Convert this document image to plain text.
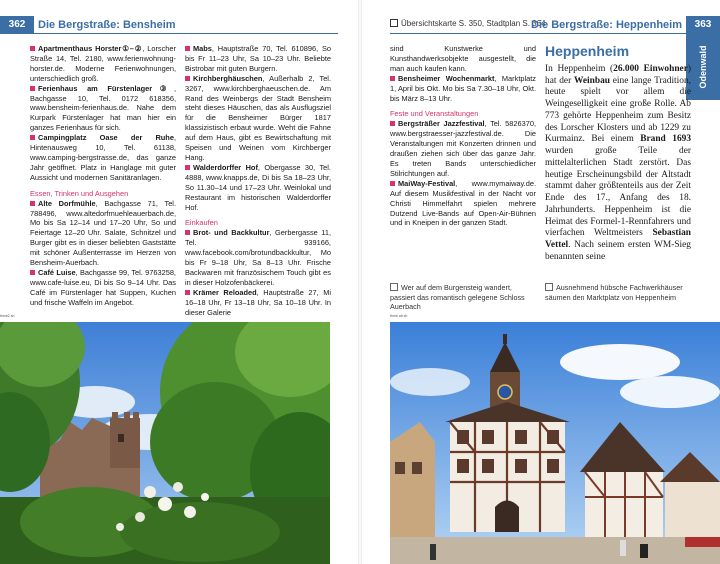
362	Die Bergstraße: Bensheim

Apartmenthaus Horster①–②, Lorscher Straße 14, Tel. 2180, www.ferienwohnung-horster.de. Moderne Ferienwohnungen, unterschiedlich groß.

Ferienhaus am Fürstenlager③, Bachgasse 10, Tel. 0172 618356, www.bensheim-ferienhaus.de. Nahe dem Kurpark Fürstenlager hat man hier ein ganzes Ferienhaus für sich.

Campingplatz Oase der Ruhe, Hintenausweg 10, Tel. 61138, www.camping-bergstrasse.de, das ganze Jahr geöffnet. Platz in Hanglage mit guter Aussicht und modernen Sanitäranlagen.

Essen, Trinken und Ausgehen

Alte Dorfmühle, Bachgasse 71, Tel. 788496, www.altedorfmuehleauerbach.de, Mo bis Sa 12–14 und 17–20 Uhr, So und Feiertage 12–20 Uhr. Salate, Schnitzel und Burger gibt es in dieser beliebten Gaststätte mit schöner Außenterrasse im Herzen von Bensheim-Auerbach.

Café Luise, Bachgasse 99, Tel. 9763258, www.cafe-luise.eu, Di bis So 9–14 Uhr. Das Café im Fürstenlager hat Suppen, Kuchen und frische Waffeln im Angebot.

Mabs, Hauptstraße 70, Tel. 610896, So bis Fr 11–23 Uhr, Sa 10–23 Uhr. Beliebte Bistrobar mit guten Burgern.

Kirchberghäuschen, Außerhalb 2, Tel. 3267, www.kirchberghaeuschen.de. Am Rand des Weinbergs der Stadt Bensheim steht dieses Häuschen, das als Ausflugsziel für die Bensheimer Bürger 1817 klassizistisch erbaut wurde. Weht die Fahne auf dem Haus, gibt es Bewirtschaftung mit Speisen und Weinen vom Kirchberger Hang.

Walderdorffer Hof, Obergasse 30, Tel. 4888, www.knapps.de, Di bis Sa 18–23 Uhr, So 11.30–14 und 17–23 Uhr. Weinlokal und Restaurant im historischen Walderdorffer Hof.

Einkaufen

Brot- und Backkultur, Gerbergasse 11, Tel. 939166, www.facebook.com/brotundbackkultur, Mo bis Fr 9–18 Uhr, Sa 8–13 Uhr. Frische Backwaren mit französischem Touch gibt es in dieser Holzofenbäckerei.

Krämer Reloaded, Hauptstraße 27, Mi 16–18 Uhr, Fr 13–18 Uhr, Sa 10–18 Uhr. In dieser Galerie

thmb2 sh
Übersichtskarte S. 350, Stadtplan S. 364
Die Bergstraße: Heppenheim	363
Odenwald

sind Kunstwerke und Kunsthandwerksobjekte ausgestellt, die man auch kaufen kann.

Bensheimer Wochenmarkt, Marktplatz 1, April bis Okt. Mo bis Sa 7.30–18 Uhr, Okt. bis März 8–13 Uhr.

Feste und Veranstaltungen

Bergsträßer Jazzfestival, Tel. 5826370, www.bergstraesser-jazzfestival.de. Die Veranstaltungen mit Konzerten drinnen und draußen ziehen sich über das ganze Jahr. Es treten Bands unterschiedlicher Stilrichtungen auf.

MaiWay-Festival, www.mymaiway.de. Auf diesem Musikfestival in der Nacht vor Christi Himmelfahrt spielen mehrere Dutzend Live-Bands auf Open-Air-Bühnen und in Kneipen in der ganzen Stadt.

Heppenheim

In Heppenheim (26.000 Einwohner) hat der Weinbau eine lange Tradition, heute spielt vor allem die Weingeselligkeit eine große Rolle. Ab 773 gehörte Heppenheim zum Besitz des Lorscher Klosters und ab 1229 zu Kurmainz. Bei einem Brand 1693 wurden große Teile der mittelalterlichen Stadt zerstört. Das heutige Erscheinungsbild der Altstadt stammt daher größtenteils aus der Zeit Ende des 17., Anfang des 18. Jahrhunderts. Heppenheim ist die Heimat des Formel-1-Rennfahrers und vierfachen Weltmeisters Sebastian Vettel. Nach seinem ersten WM-Sieg benannten seine

Wer auf dem Burgensteig wandert, passiert das romantisch gelegene Schloss Auerbach
Ausnehmend hübsche Fachwerkhäuser säumen den Marktplatz von Heppenheim
thmb ab sh
